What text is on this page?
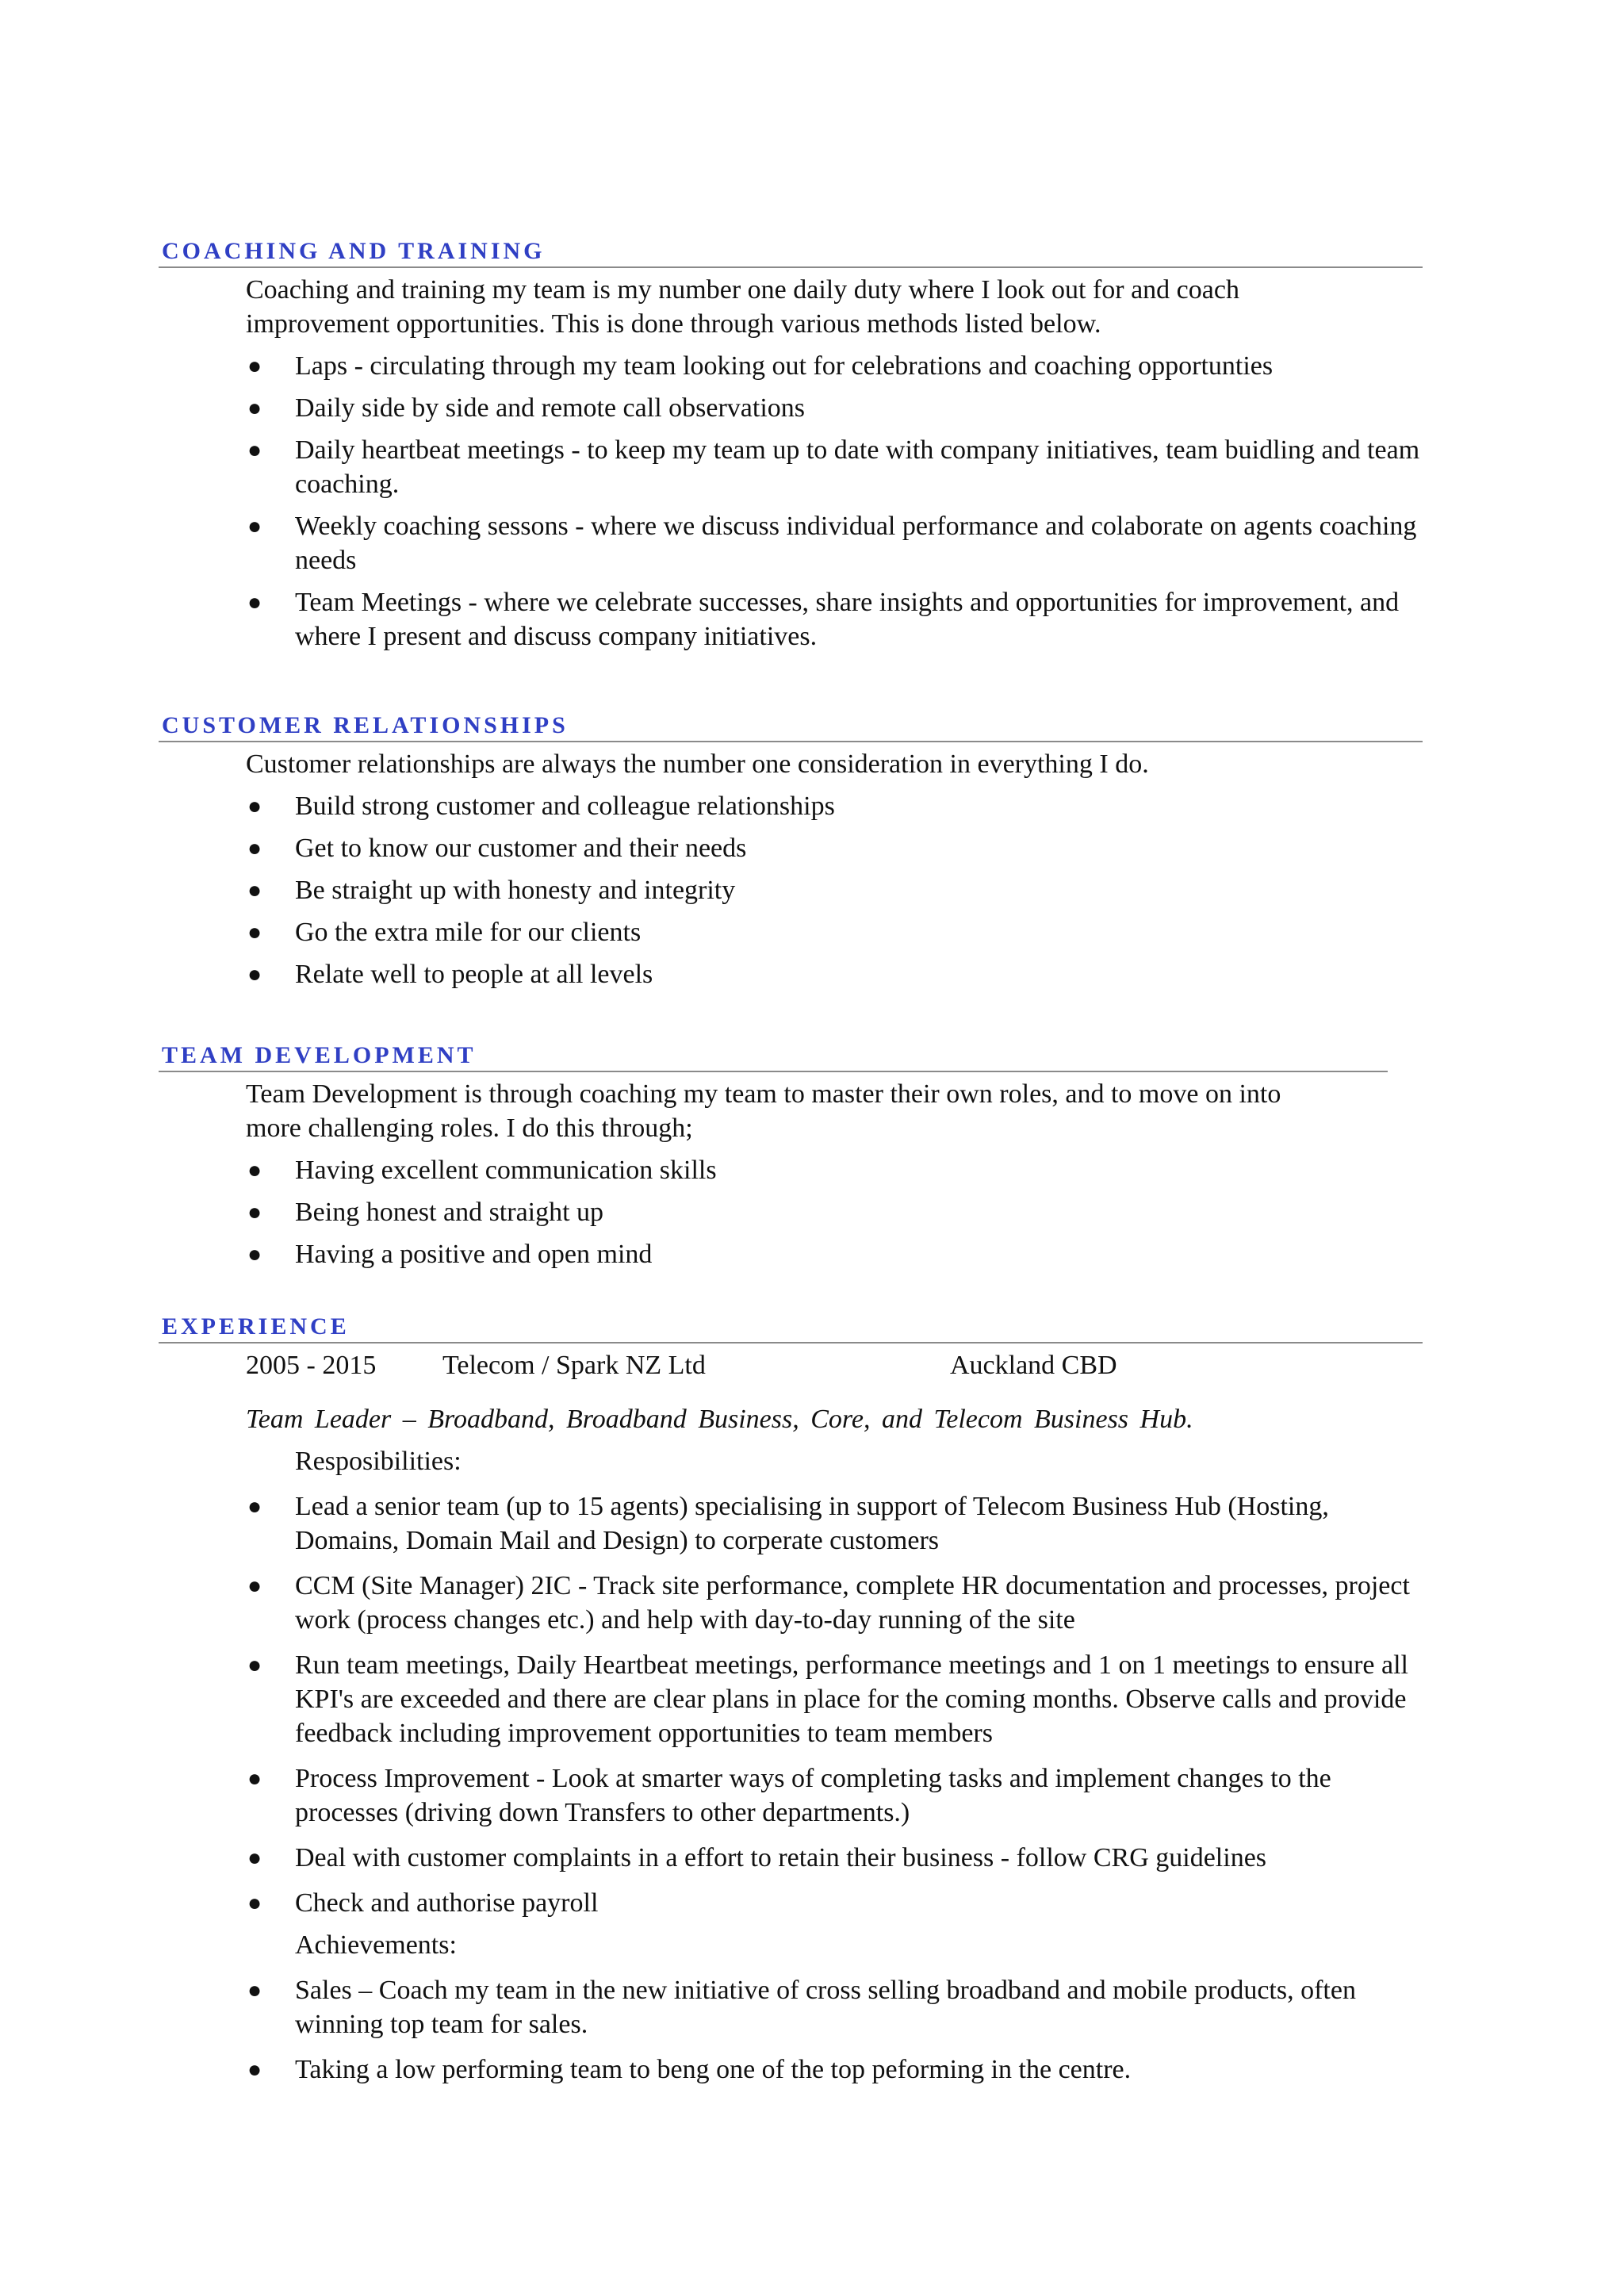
COACHING AND TRAINING

Coaching and training my team is my number one daily duty where I look out for and coach improvement opportunities. This is done through various methods listed below.

● Laps - circulating through my team looking out for celebrations and coaching opportunties
● Daily side by side and remote call observations
● Daily heartbeat meetings - to keep my team up to date with company initiatives, team buidling and team coaching.
● Weekly coaching sessons - where we discuss individual performance and colaborate on agents coaching needs
● Team Meetings - where we celebrate successes, share insights and opportunities for improvement, and where I present and discuss company initiatives.
CUSTOMER RELATIONSHIPS

Customer relationships are always the number one consideration in everything I do.

● Build strong customer and colleague relationships
● Get to know our customer and their needs
● Be straight up with honesty and integrity
● Go the extra mile for our clients
● Relate well to people at all levels
TEAM DEVELOPMENT

Team Development is through coaching my team to master their own roles, and to move on into more challenging roles. I do this through;

● Having excellent communication skills
● Being honest and straight up
● Having a positive and open mind
EXPERIENCE
2005 - 2015 Telecom / Spark NZ Ltd	Auckland CBD
Team Leader – Broadband, Broadband Business, Core, and Telecom Business Hub.
Resposibilities:
● Lead a senior team (up to 15 agents) specialising in support of Telecom Business Hub (Hosting, Domains, Domain Mail and Design) to corperate customers
● CCM (Site Manager) 2IC - Track site performance, complete HR documentation and processes, project work (process changes etc.) and help with day-to-day running of the site
● Run team meetings, Daily Heartbeat meetings, performance meetings and 1 on 1 meetings to ensure all KPI's are exceeded and there are clear plans in place for the coming months. Observe calls and provide feedback including improvement opportunities to team members
● Process Improvement - Look at smarter ways of completing tasks and implement changes to the processes (driving down Transfers to other departments.)
● Deal with customer complaints in a effort to retain their business - follow CRG guidelines
● Check and authorise payroll
Achievements:
● Sales – Coach my team in the new initiative of cross selling broadband and mobile products, often winning top team for sales.
● Taking a low performing team to beng one of the top peforming in the centre.
